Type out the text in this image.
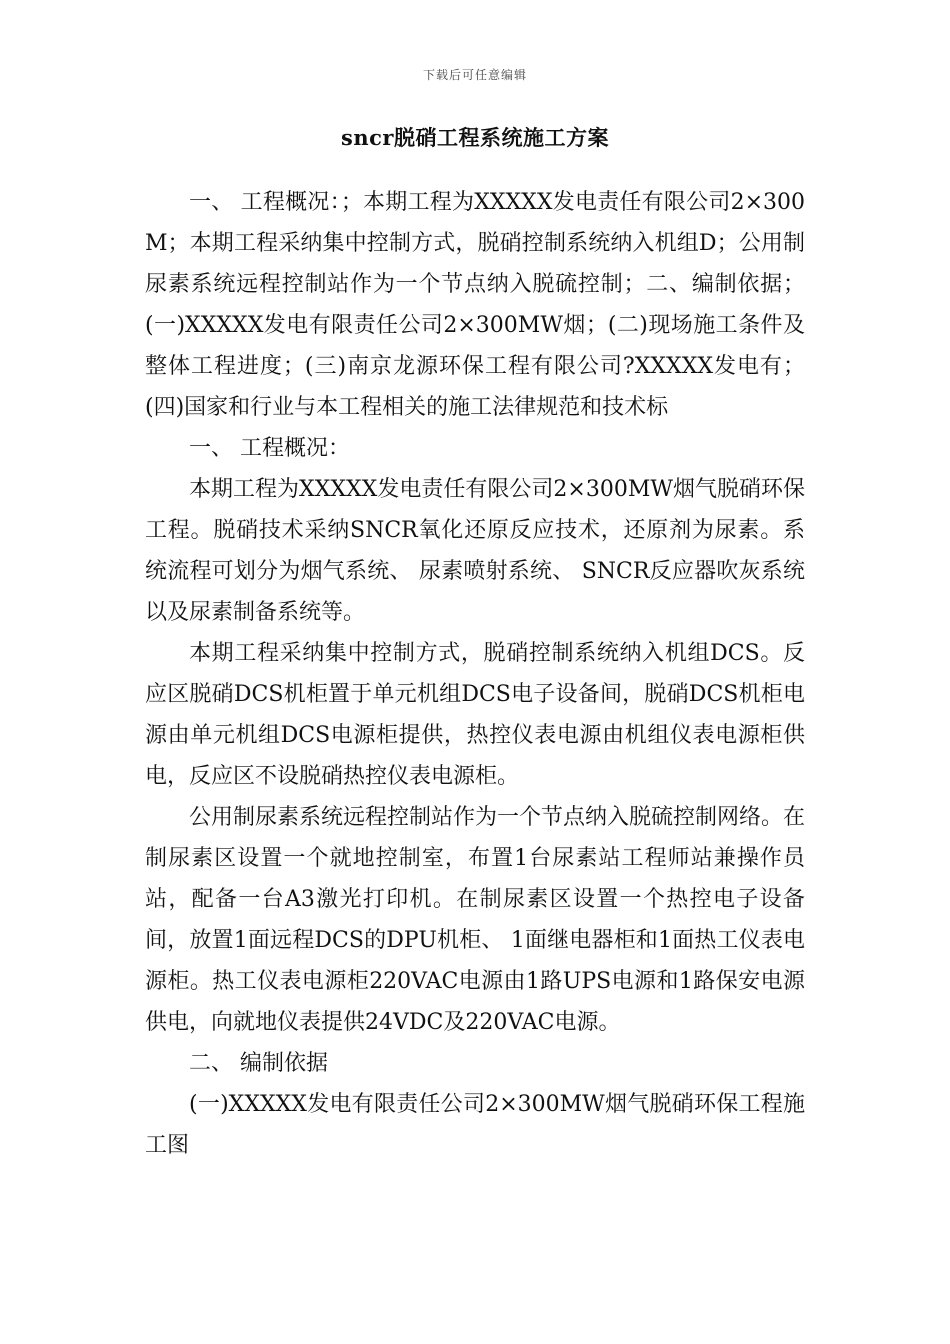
下载后可任意编辑
sncr脱硝工程系统施工方案

一、 工程概况：；本期工程为XXXXX发电责任有限公司2×300M；本期工程采纳集中控制方式，脱硝控制系统纳入机组D；公用制尿素系统远程控制站作为一个节点纳入脱硫控制；二、编制依据；(一)XXXXX发电有限责任公司2×300MW烟；(二)现场施工条件及整体工程进度；(三)南京龙源环保工程有限公司?XXXXX发电有；(四)国家和行业与本工程相关的施工法律规范和技术标

一、 工程概况：

本期工程为XXXXX发电责任有限公司2×300MW烟气脱硝环保工程。脱硝技术采纳SNCR氧化还原反应技术，还原剂为尿素。系统流程可划分为烟气系统、 尿素喷射系统、 SNCR反应器吹灰系统以及尿素制备系统等。

本期工程采纳集中控制方式，脱硝控制系统纳入机组DCS。反应区脱硝DCS机柜置于单元机组DCS电子设备间，脱硝DCS机柜电源由单元机组DCS电源柜提供，热控仪表电源由机组仪表电源柜供电，反应区不设脱硝热控仪表电源柜。

公用制尿素系统远程控制站作为一个节点纳入脱硫控制网络。在制尿素区设置一个就地控制室，布置1台尿素站工程师站兼操作员站，配备一台A3激光打印机。在制尿素区设置一个热控电子设备间，放置1面远程DCS的DPU机柜、 1面继电器柜和1面热工仪表电源柜。热工仪表电源柜220VAC电源由1路UPS电源和1路保安电源供电，向就地仪表提供24VDC及220VAC电源。

二、 编制依据

(一)XXXXX发电有限责任公司2×300MW烟气脱硝环保工程施工图
